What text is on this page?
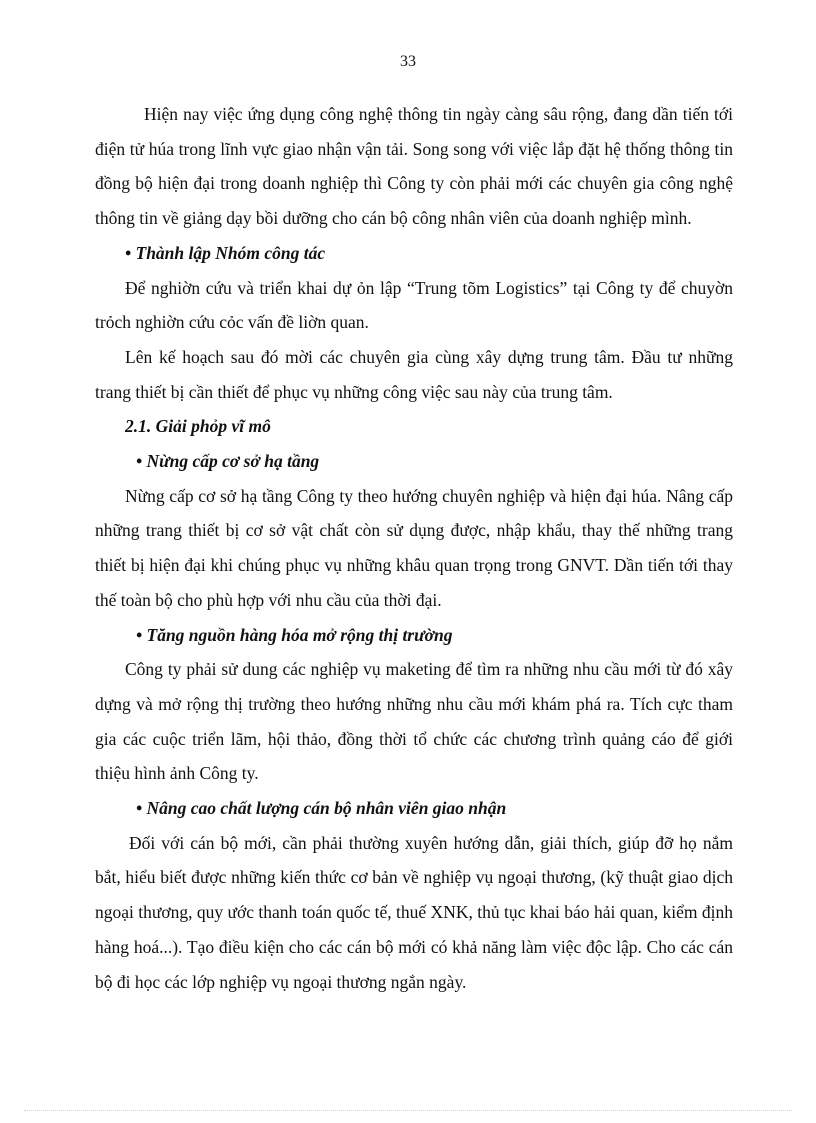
33

Hiện nay việc ứng dụng công nghệ thông tin ngày càng sâu rộng, đang dần tiến tới điện tử húa trong lĩnh vực giao nhận vận tải. Song song với việc lắp đặt hệ thống thông tin đồng bộ hiện đại trong doanh nghiệp thì Công ty còn phải mới các chuyên gia công nghệ thông tin về giảng dạy bồi dưỡng cho cán bộ công nhân viên của doanh nghiệp mình.

• Thành lập Nhóm công tác

Để nghiờn cứu và triển khai dự ỏn lập “Trung tõm Logistics” tại Công ty để chuyờn trỏch nghiờn cứu cỏc vấn đề liờn quan.

Lên kế hoạch sau đó mời các chuyên gia cùng xây dựng trung tâm. Đầu tư những trang thiết bị cần thiết để phục vụ những công việc sau này của trung tâm.

2.1. Giải phỏp vĩ mô

• Nừng cấp cơ sở hạ tầng

Nừng cấp cơ sở hạ tầng Công ty theo hướng chuyên nghiệp và hiện đại húa. Nâng cấp những trang thiết bị cơ sở vật chất còn sử dụng được, nhập khẩu, thay thế những trang thiết bị hiện đại khi chúng phục vụ những khâu quan trọng trong GNVT. Dần tiến tới thay thế toàn bộ cho phù hợp với nhu cầu của thời đại.

• Tăng nguồn hàng hóa mở rộng thị trường

Công ty phải sử dung các nghiệp vụ maketing để tìm ra những nhu cầu mới từ đó xây dựng và mở rộng thị trường theo hướng những nhu cầu mới khám phá ra. Tích cực tham gia các cuộc triển lãm, hội thảo, đồng thời tổ chức các chương trình quảng cáo để giới thiệu hình ảnh Công ty.

• Nâng cao chất lượng cán bộ nhân viên giao nhận

Đối với cán bộ mới, cần phải thường xuyên hướng dẫn, giải thích, giúp đỡ họ nắm bắt, hiểu biết được những kiến thức cơ bản về nghiệp vụ ngoại thương, (kỹ thuật giao dịch ngoại thương, quy ước thanh toán quốc tế, thuế XNK, thủ tục khai báo hải quan, kiểm định hàng hoá...). Tạo điều kiện cho các cán bộ mới có khả năng làm việc độc lập. Cho các cán bộ đi học các lớp nghiệp vụ ngoại thương ngắn ngày.
